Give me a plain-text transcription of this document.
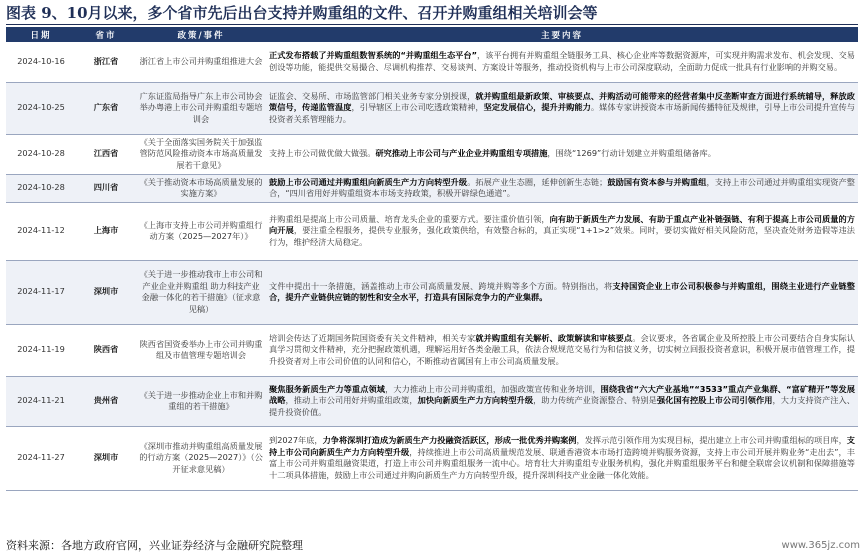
图表 9、10月以来，多个省市先后出台支持并购重组的文件、召开并购重组相关培训会等
日期	省市	政策/事件	主要内容
2024-10-16	浙江省	浙江省上市公司并购重组推进大会	正式发布搭载了并购重组数智系统的“并购重组生态平台”，该平台拥有并购重组全链服务工具、核心企业库等数据资源库，可实现并购需求发布、机会发现、交易创设等功能，能提供交易撮合、尽调机构推荐、交易谈判、方案设计等服务，推动投资机构与上市公司深度联动，全面助力促成一批具有行业影响的并购交易。
2024-10-25	广东省	广东证监局指导广东上市公司协会举办粤港上市公司并购重组专题培训会	证监会、交易所、市场监管部门相关业务专家分别授课，就并购重组最新政策、审核要点、并购活动可能带来的经营者集中反垄断审查方面进行系统辅导，释放政策信号，传递监管温度，引导辖区上市公司吃透政策精神，坚定发展信心，提升并购能力。媒体专家讲授资本市场新闻传播特征及规律，引导上市公司提升宣传与投资者关系管理能力。
2024-10-28	江西省	《关于全面落实国务院关于加强监管防范风险推动资本市场高质量发展若干意见》	支持上市公司做优做大做强。研究推动上市公司与产业企业并购重组专项措施，围绕“1269”行动计划建立并购重组储备库。
2024-10-28	四川省	《关于推动资本市场高质量发展的实施方案》	鼓励上市公司通过并购重组向新质生产力方向转型升级。拓展产业生态圈，延伸创新生态链；鼓励国有资本参与并购重组，支持上市公司通过并购重组实现资产整合，“四川省用好并购重组资本市场支持政策，积极开辟绿色通道”。
2024-11-12	上海市	《上海市支持上市公司并购重组行动方案（2025—2027年）》	并购重组是提高上市公司质量、培育龙头企业的重要方式。要注重价值引领，向有助于新质生产力发展、有助于重点产业补链强链、有利于提高上市公司质量的方向开展，要注重全程服务，提供专业服务，强化政策供给，有效整合标的，真正实现“1+1>2”效果。同时，要切实做好相关风险防范，坚决查处财务造假等违法行为，维护经济大局稳定。
2024-11-17	深圳市	《关于进一步推动我市上市公司和产业企业并购重组 助力科技产业金融一体化的若干措施》（征求意见稿）	文件中提出十一条措施，涵盖推动上市公司高质量发展、跨境并购等多个方面。特别指出，将支持国资企业上市公司积极参与并购重组，围绕主业进行产业链整合，提升产业链供应链的韧性和安全水平，打造具有国际竞争力的产业集群。
2024-11-19	陕西省	陕西省国资委举办上市公司并购重组及市值管理专题培训会	培训会传达了近期国务院国资委有关文件精神，相关专家就并购重组有关解析、政策解读和审核要点。会议要求，各省属企业及所控股上市公司要结合自身实际认真学习贯彻文件精神，充分把握政策机遇，理解运用好各类金融工具，依法合规规范交易行为和信披义务，切实树立回报投资者意识，积极开展市值管理工作，提升投资者对上市公司价值的认同和信心，不断推动省属国有上市公司高质量发展。
2024-11-21	贵州省	《关于进一步推动企业上市和并购重组的若干措施》	聚焦服务新质生产力等重点领域，大力推动上市公司并购重组，加强政策宣传和业务培训，围绕我省“六大产业基地”“3533”重点产业集群、“富矿精开”等发展战略，推动上市公司用好并购重组政策，加快向新质生产力方向转型升级，助力传统产业资源整合、特别是强化国有控股上市公司引领作用，大力支持资产注入、提升投资价值。
2024-11-27	深圳市	《深圳市推动并购重组高质量发展的行动方案（2025—2027）》（公开征求意见稿）	到2027年底，力争将深圳打造成为新质生产力投融资活跃区，形成一批优秀并购案例，发挥示范引领作用为实现目标，提出建立上市公司并购重组标的项目库，支持上市公司向新质生产力方向转型升级，持续推进上市公司高质量规范发展、联通香港资本市场打造跨境并购服务资源，支持上市公司开展并购业务“走出去”，丰富上市公司并购重组融资渠道，打造上市公司并购重组服务一流中心。培育壮大并购重组专业服务机构，强化并购重组服务平台和健全联席会议机制和保障措施等十二项具体措施，鼓励上市公司通过并购向新质生产力方向转型升级，提升深圳科技产业金融一体化效能。
资料来源：各地方政府官网，兴业证券经济与金融研究院整理	www.365jz.com
